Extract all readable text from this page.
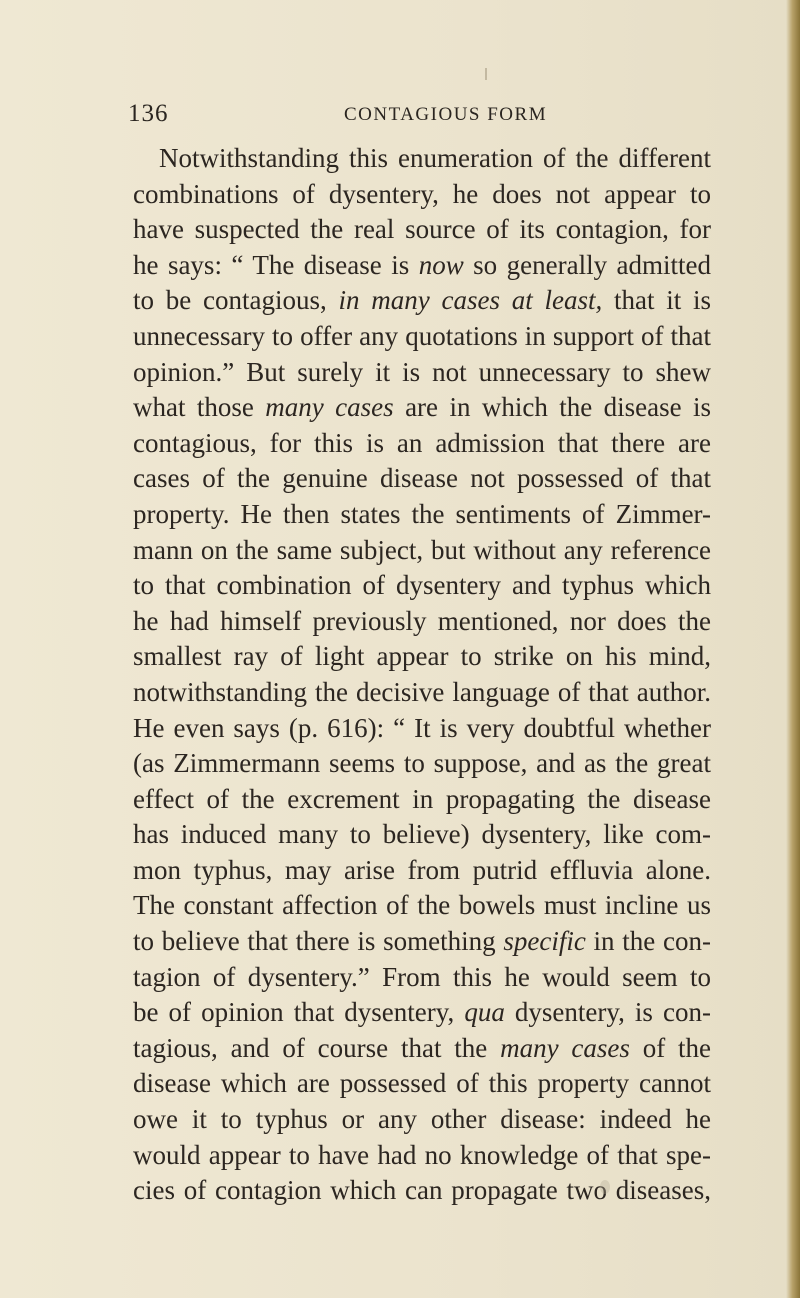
136	CONTAGIOUS FORM
Notwithstanding this enumeration of the different
combinations of dysentery, he does not appear to
have suspected the real source of its contagion, for
he says: “ The disease is now so generally admitted
to be contagious, in many cases at least, that it is
unnecessary to offer any quotations in support of that
opinion.” But surely it is not unnecessary to shew
what those many cases are in which the disease is
contagious, for this is an admission that there are
cases of the genuine disease not possessed of that
property. He then states the sentiments of Zimmer-
mann on the same subject, but without any reference
to that combination of dysentery and typhus which
he had himself previously mentioned, nor does the
smallest ray of light appear to strike on his mind,
notwithstanding the decisive language of that author.
He even says (p. 616): “ It is very doubtful whether
(as Zimmermann seems to suppose, and as the great
effect of the excrement in propagating the disease
has induced many to believe) dysentery, like com-
mon typhus, may arise from putrid effluvia alone.
The constant affection of the bowels must incline us
to believe that there is something specific in the con-
tagion of dysentery.” From this he would seem to
be of opinion that dysentery, qua dysentery, is con-
tagious, and of course that the many cases of the
disease which are possessed of this property cannot
owe it to typhus or any other disease: indeed he
would appear to have had no knowledge of that spe-
cies of contagion which can propagate two diseases,
